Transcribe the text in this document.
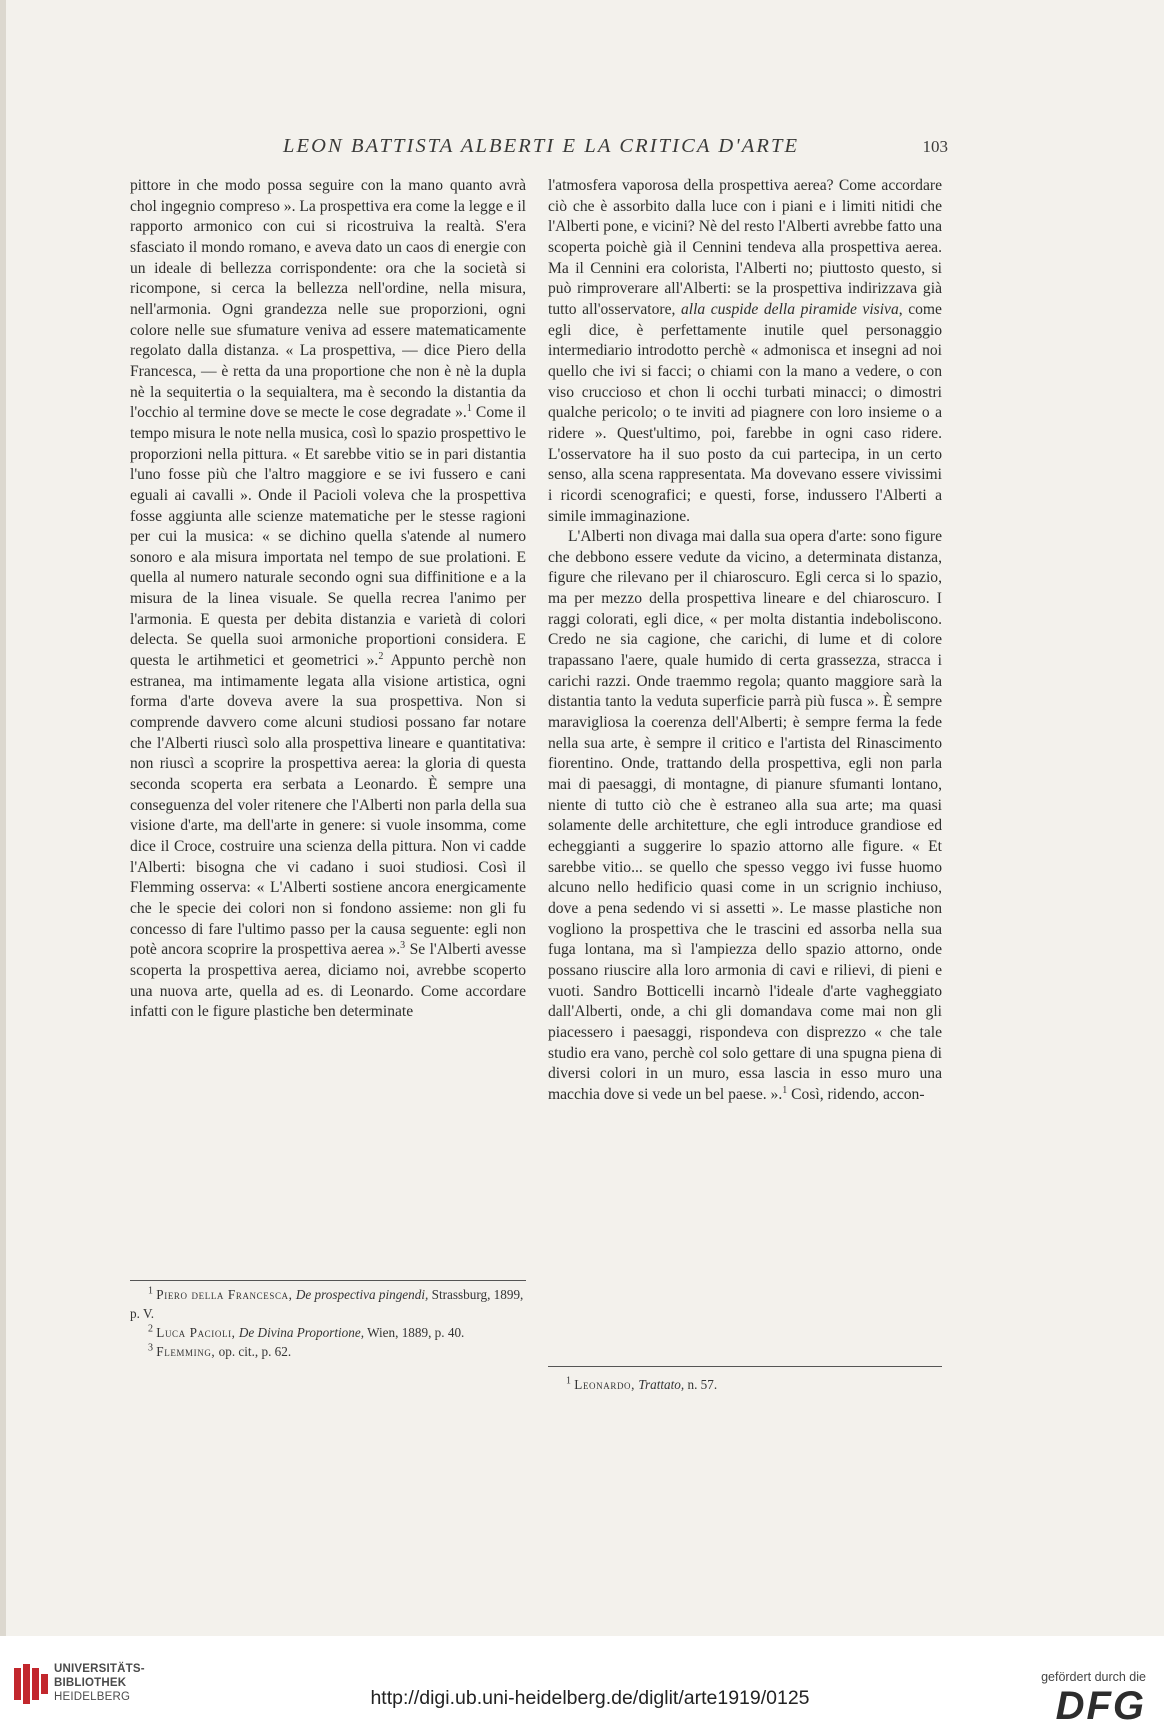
LEON BATTISTA ALBERTI E LA CRITICA D'ARTE	103

pittore in che modo possa seguire con la mano quanto avrà chol ingegnio compreso ». La prospettiva era come la legge e il rapporto armonico con cui si ricostruiva la realtà. S'era sfasciato il mondo romano, e aveva dato un caos di energie con un ideale di bellezza corrispondente: ora che la società si ricompone, si cerca la bellezza nell'ordine, nella misura, nell'armonia. Ogni grandezza nelle sue proporzioni, ogni colore nelle sue sfumature veniva ad essere matematicamente regolato dalla distanza. « La prospettiva, — dice Piero della Francesca, — è retta da una proportione che non è nè la dupla nè la sequitertia o la sequialtera, ma è secondo la distantia da l'occhio al termine dove se mecte le cose degradate ».$^1$ Come il tempo misura le note nella musica, così lo spazio prospettivo le proporzioni nella pittura. « Et sarebbe vitio se in pari distantia l'uno fosse più che l'altro maggiore e se ivi fussero e cani eguali ai cavalli ». Onde il Pacioli voleva che la prospettiva fosse aggiunta alle scienze matematiche per le stesse ragioni per cui la musica: « se dichino quella s'atende al numero sonoro e ala misura importata nel tempo de sue prolationi. E quella al numero naturale secondo ogni sua diffinitione e a la misura de la linea visuale. Se quella recrea l'animo per l'armonia. E questa per debita distanzia e varietà di colori delecta. Se quella suoi armoniche proportioni considera. E questa le artihmetici et geometrici ».$^2$ Appunto perchè non estranea, ma intimamente legata alla visione artistica, ogni forma d'arte doveva avere la sua prospettiva. Non si comprende davvero come alcuni studiosi possano far notare che l'Alberti riuscì solo alla prospettiva lineare e quantitativa: non riuscì a scoprire la prospettiva aerea: la gloria di questa seconda scoperta era serbata a Leonardo. È sempre una conseguenza del voler ritenere che l'Alberti non parla della sua visione d'arte, ma dell'arte in genere: si vuole insomma, come dice il Croce, costruire una scienza della pittura. Non vi cadde l'Alberti: bisogna che vi cadano i suoi studiosi. Così il Flemming osserva: « L'Alberti sostiene ancora energicamente che le specie dei colori non si fondono assieme: non gli fu concesso di fare l'ultimo passo per la causa seguente: egli non potè ancora scoprire la prospettiva aerea ».$^3$ Se l'Alberti avesse scoperta la prospettiva aerea, diciamo noi, avrebbe scoperto una nuova arte, quella ad es. di Leonardo. Come accordare infatti con le figure plastiche ben determinate

l'atmosfera vaporosa della prospettiva aerea? Come accordare ciò che è assorbito dalla luce con i piani e i limiti nitidi che l'Alberti pone, e vicini? Nè del resto l'Alberti avrebbe fatto una scoperta poichè già il Cennini tendeva alla prospettiva aerea. Ma il Cennini era colorista, l'Alberti no; piuttosto questo, si può rimproverare all'Alberti: se la prospettiva indirizzava già tutto all'osservatore, alla cuspide della piramide visiva, come egli dice, è perfettamente inutile quel personaggio intermediario introdotto perchè « admonisca et insegni ad noi quello che ivi si facci; o chiami con la mano a vedere, o con viso cruccioso et chon li occhi turbati minacci; o dimostri qualche pericolo; o te inviti ad piagnere con loro insieme o a ridere ». Quest'ultimo, poi, farebbe in ogni caso ridere. L'osservatore ha il suo posto da cui partecipa, in un certo senso, alla scena rappresentata. Ma dovevano essere vivissimi i ricordi scenografici; e questi, forse, indussero l'Alberti a simile immaginazione.

L'Alberti non divaga mai dalla sua opera d'arte: sono figure che debbono essere vedute da vicino, a determinata distanza, figure che rilevano per il chiaroscuro. Egli cerca si lo spazio, ma per mezzo della prospettiva lineare e del chiaroscuro. I raggi colorati, egli dice, « per molta distantia indeboliscono. Credo ne sia cagione, che carichi, di lume et di colore trapassano l'aere, quale humido di certa grassezza, stracca i carichi razzi. Onde traemmo regola; quanto maggiore sarà la distantia tanto la veduta superficie parrà più fusca ». È sempre maravigliosa la coerenza dell'Alberti; è sempre ferma la fede nella sua arte, è sempre il critico e l'artista del Rinascimento fiorentino. Onde, trattando della prospettiva, egli non parla mai di paesaggi, di montagne, di pianure sfumanti lontano, niente di tutto ciò che è estraneo alla sua arte; ma quasi solamente delle architetture, che egli introduce grandiose ed echeggianti a suggerire lo spazio attorno alle figure. « Et sarebbe vitio... se quello che spesso veggo ivi fusse huomo alcuno nello hedificio quasi come in un scrignio inchiuso, dove a pena sedendo vi si assetti ». Le masse plastiche non vogliono la prospettiva che le trascini ed assorba nella sua fuga lontana, ma sì l'ampiezza dello spazio attorno, onde possano riuscire alla loro armonia di cavi e rilievi, di pieni e vuoti. Sandro Botticelli incarnò l'ideale d'arte vagheggiato dall'Alberti, onde, a chi gli domandava come mai non gli piacessero i paesaggi, rispondeva con disprezzo « che tale studio era vano, perchè col solo gettare di una spugna piena di diversi colori in un muro, essa lascia in esso muro una macchia dove si vede un bel paese. ».$^1$ Così, ridendo, accon-

$^1$ Piero della Francesca, De prospectiva pingendi, Strassburg, 1899, p. V.

$^2$ Luca Pacioli, De Divina Proportione, Wien, 1889, p. 40.

$^3$ Flemming, op. cit., p. 62.

$^1$ Leonardo, Trattato, n. 57.

UNIVERSITÄTS-
BIBLIOTHEK
HEIDELBERG	http://digi.ub.uni-heidelberg.de/diglit/arte1919/0125
gefördert durch die
DFG
